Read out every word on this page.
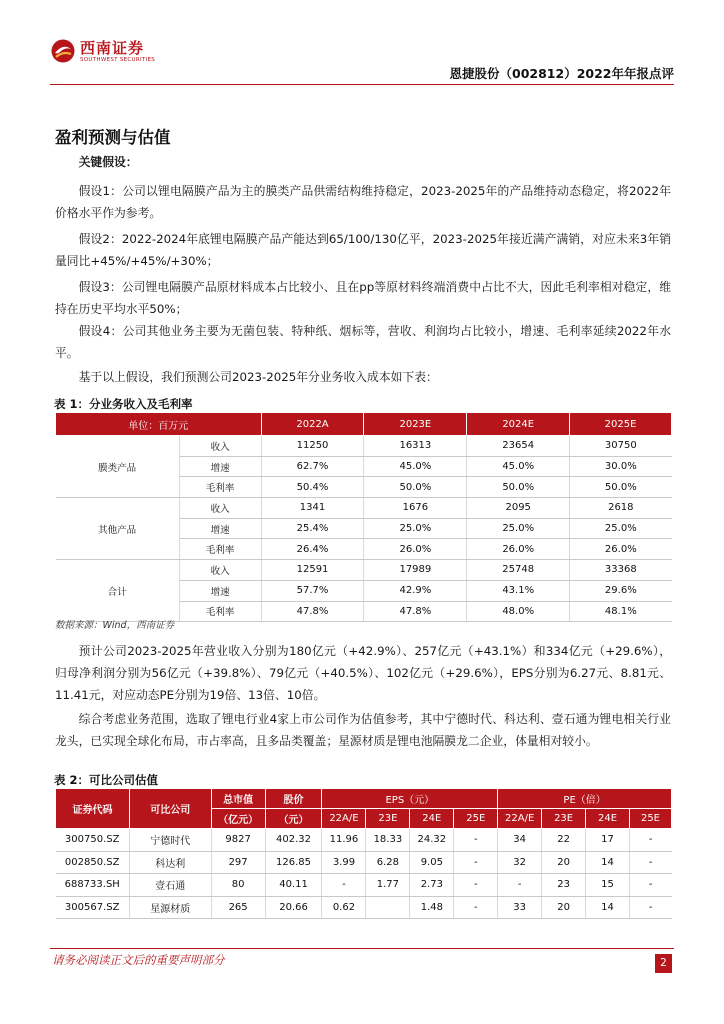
西南证券
SOUTHWEST SECURITIES
恩捷股份（002812）2022年年报点评
盈利预测与估值
关键假设：
假设1：公司以锂电隔膜产品为主的膜类产品供需结构维持稳定，2023-2025年的产品维持动态稳定，将2022年价格水平作为参考。
假设2：2022-2024年底锂电隔膜产品产能达到65/100/130亿平，2023-2025年接近满产满销，对应未来3年销量同比+45%/+45%/+30%；
假设3：公司锂电隔膜产品原材料成本占比较小、且在pp等原材料终端消费中占比不大，因此毛利率相对稳定，维持在历史平均水平50%；
假设4：公司其他业务主要为无菌包装、特种纸、烟标等，营收、利润均占比较小，增速、毛利率延续2022年水平。
基于以上假设，我们预测公司2023-2025年分业务收入成本如下表：
表 1：分业务收入及毛利率
单位：百万元		2022A	2023E	2024E	2025E
膜类产品	收入	11250	16313	23654	30750
	增速	62.7%	45.0%	45.0%	30.0%
	毛利率	50.4%	50.0%	50.0%	50.0%
其他产品	收入	1341	1676	2095	2618
	增速	25.4%	25.0%	25.0%	25.0%
	毛利率	26.4%	26.0%	26.0%	26.0%
合计	收入	12591	17989	25748	33368
	增速	57.7%	42.9%	43.1%	29.6%
	毛利率	47.8%	47.8%	48.0%	48.1%
数据来源：Wind，西南证券
预计公司2023-2025年营业收入分别为180亿元（+42.9%）、257亿元（+43.1%）和334亿元（+29.6%），归母净利润分别为56亿元（+39.8%）、79亿元（+40.5%）、102亿元（+29.6%），EPS分别为6.27元、8.81元、11.41元，对应动态PE分别为19倍、13倍、10倍。
综合考虑业务范围，选取了锂电行业4家上市公司作为估值参考，其中宁德时代、科达利、壹石通为锂电相关行业龙头，已实现全球化布局，市占率高，且多品类覆盖；星源材质是锂电池隔膜龙二企业，体量相对较小。
表 2：可比公司估值
证券代码	可比公司	总市值	股价	EPS（元）				PE（倍）			
		（亿元）	（元）	22A/E	23E	24E	25E	22A/E	23E	24E	25E
300750.SZ	宁德时代	9827	402.32	11.96	18.33	24.32	-	34	22	17	-
002850.SZ	科达利	297	126.85	3.99	6.28	9.05	-	32	20	14	-
688733.SH	壹石通	80	40.11	-	1.77	2.73	-	-	23	15	-
300567.SZ	星源材质	265	20.66	0.62		1.48	-	33	20	14	-
请务必阅读正文后的重要声明部分	2
